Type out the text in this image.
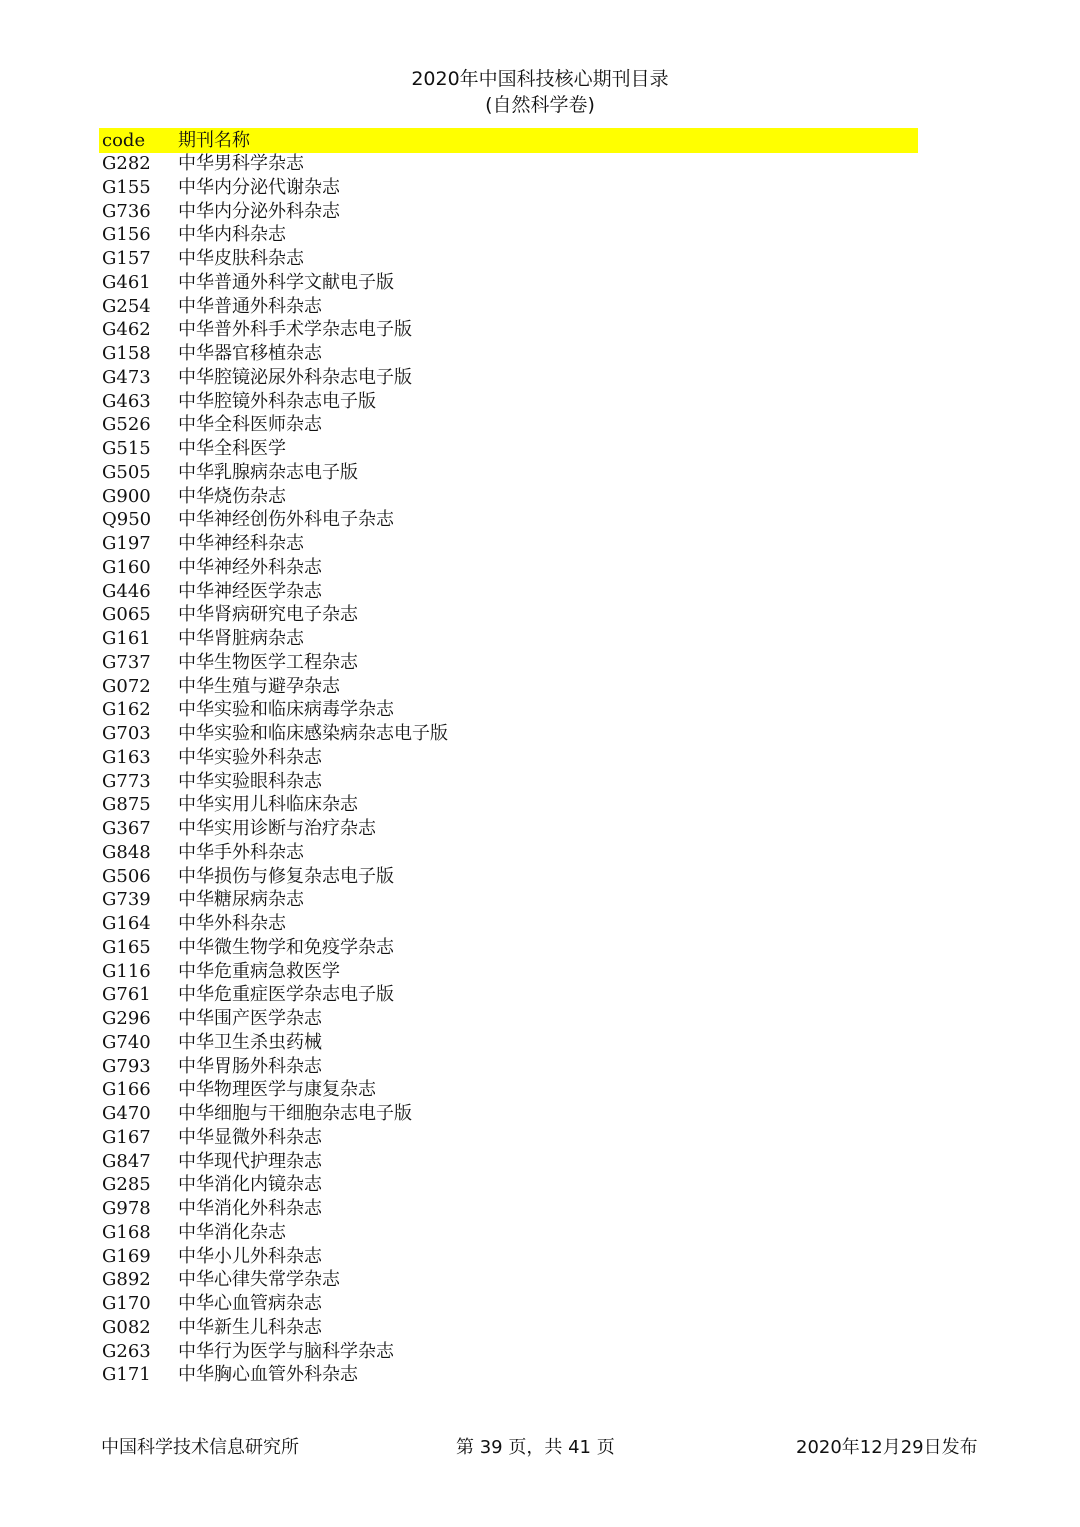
2020年中国科技核心期刊目录
(自然科学卷)
code 期刊名称
G282 中华男科学杂志
G155 中华内分泌代谢杂志
G736 中华内分泌外科杂志
G156 中华内科杂志
G157 中华皮肤科杂志
G461 中华普通外科学文献电子版
G254 中华普通外科杂志
G462 中华普外科手术学杂志电子版
G158 中华器官移植杂志
G473 中华腔镜泌尿外科杂志电子版
G463 中华腔镜外科杂志电子版
G526 中华全科医师杂志
G515 中华全科医学
G505 中华乳腺病杂志电子版
G900 中华烧伤杂志
Q950 中华神经创伤外科电子杂志
G197 中华神经科杂志
G160 中华神经外科杂志
G446 中华神经医学杂志
G065 中华肾病研究电子杂志
G161 中华肾脏病杂志
G737 中华生物医学工程杂志
G072 中华生殖与避孕杂志
G162 中华实验和临床病毒学杂志
G703 中华实验和临床感染病杂志电子版
G163 中华实验外科杂志
G773 中华实验眼科杂志
G875 中华实用儿科临床杂志
G367 中华实用诊断与治疗杂志
G848 中华手外科杂志
G506 中华损伤与修复杂志电子版
G739 中华糖尿病杂志
G164 中华外科杂志
G165 中华微生物学和免疫学杂志
G116 中华危重病急救医学
G761 中华危重症医学杂志电子版
G296 中华围产医学杂志
G740 中华卫生杀虫药械
G793 中华胃肠外科杂志
G166 中华物理医学与康复杂志
G470 中华细胞与干细胞杂志电子版
G167 中华显微外科杂志
G847 中华现代护理杂志
G285 中华消化内镜杂志
G978 中华消化外科杂志
G168 中华消化杂志
G169 中华小儿外科杂志
G892 中华心律失常学杂志
G170 中华心血管病杂志
G082 中华新生儿科杂志
G263 中华行为医学与脑科学杂志
G171 中华胸心血管外科杂志
中国科学技术信息研究所	第 39 页，共 41 页	2020年12月29日发布
